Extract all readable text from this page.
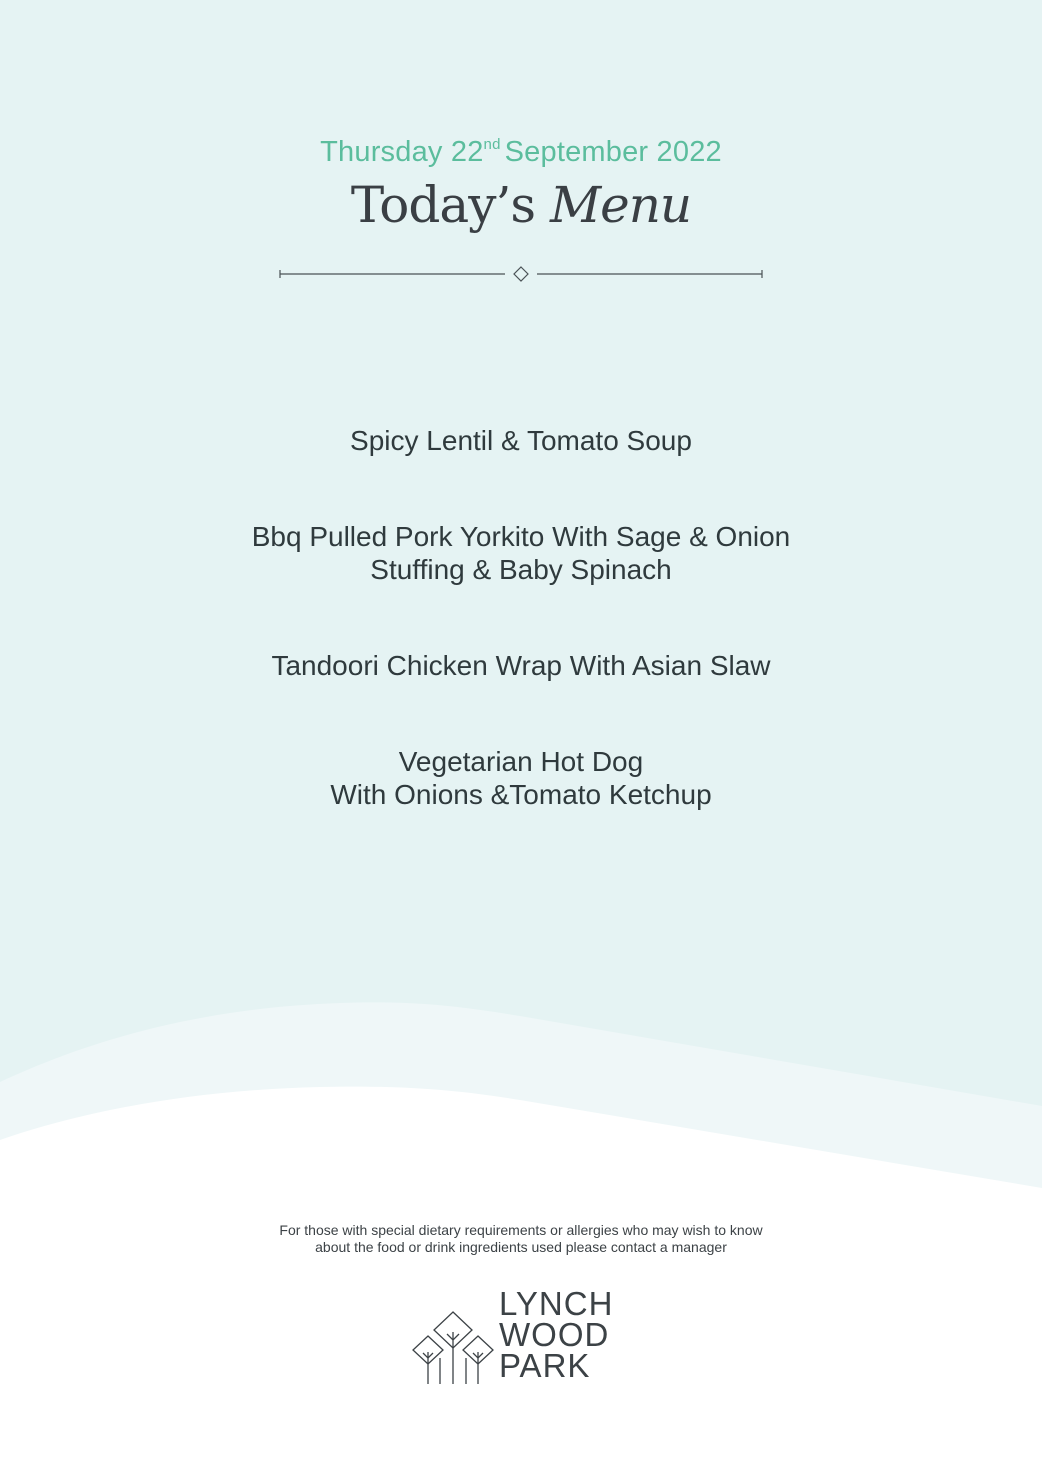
Thursday 22nd September 2022
Today’s Menu
Spicy Lentil & Tomato Soup
Bbq Pulled Pork Yorkito With Sage & Onion
Stuffing & Baby Spinach
Tandoori Chicken Wrap With Asian Slaw
Vegetarian Hot Dog
With Onions &Tomato Ketchup
For those with special dietary requirements or allergies who may wish to know
about the food or drink ingredients used please contact a manager
LYNCH
WOOD
PARK
